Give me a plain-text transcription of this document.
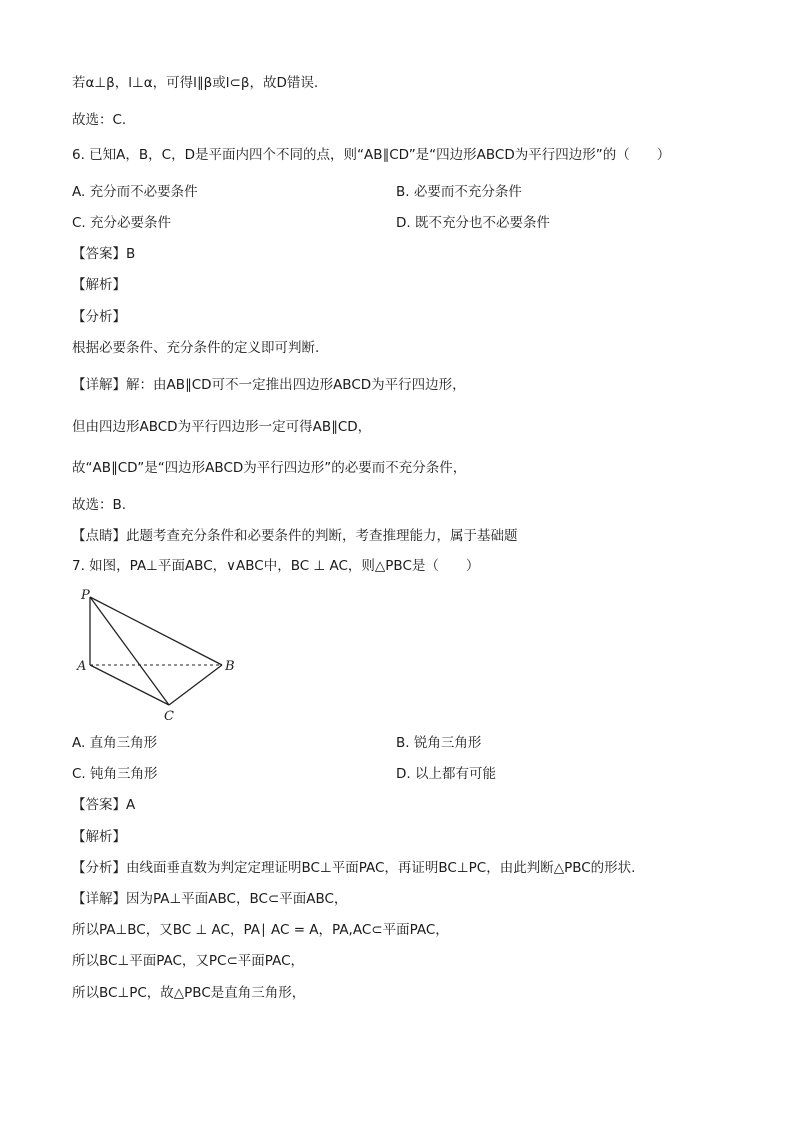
若α⊥β，l⊥α，可得l∥β或l⊂β，故D错误.
故选：C.
6. 已知A，B，C，D是平面内四个不同的点，则“AB∥CD”是“四边形ABCD为平行四边形”的（　　）
A. 充分而不必要条件	B. 必要而不充分条件
C. 充分必要条件	D. 既不充分也不必要条件
【答案】B
【解析】
【分析】
根据必要条件、充分条件的定义即可判断.
【详解】解：由AB∥CD可不一定推出四边形ABCD为平行四边形，
但由四边形ABCD为平行四边形一定可得AB∥CD，
故“AB∥CD”是“四边形ABCD为平行四边形”的必要而不充分条件，
故选：B.
【点睛】此题考查充分条件和必要条件的判断，考查推理能力，属于基础题
7. 如图，PA⊥平面ABC，∨ABC中，BC ⊥ AC，则△PBC是（　　）
P
A	B
C
A. 直角三角形	B. 锐角三角形
C. 钝角三角形	D. 以上都有可能
【答案】A
【解析】
【分析】由线面垂直数为判定定理证明BC⊥平面PAC，再证明BC⊥PC，由此判断△PBC的形状.
【详解】因为PA⊥平面ABC，BC⊂平面ABC，
所以PA⊥BC，又BC ⊥ AC，PA∣ AC = A，PA,AC⊂平面PAC，
所以BC⊥平面PAC，又PC⊂平面PAC，
所以BC⊥PC，故△PBC是直角三角形，
